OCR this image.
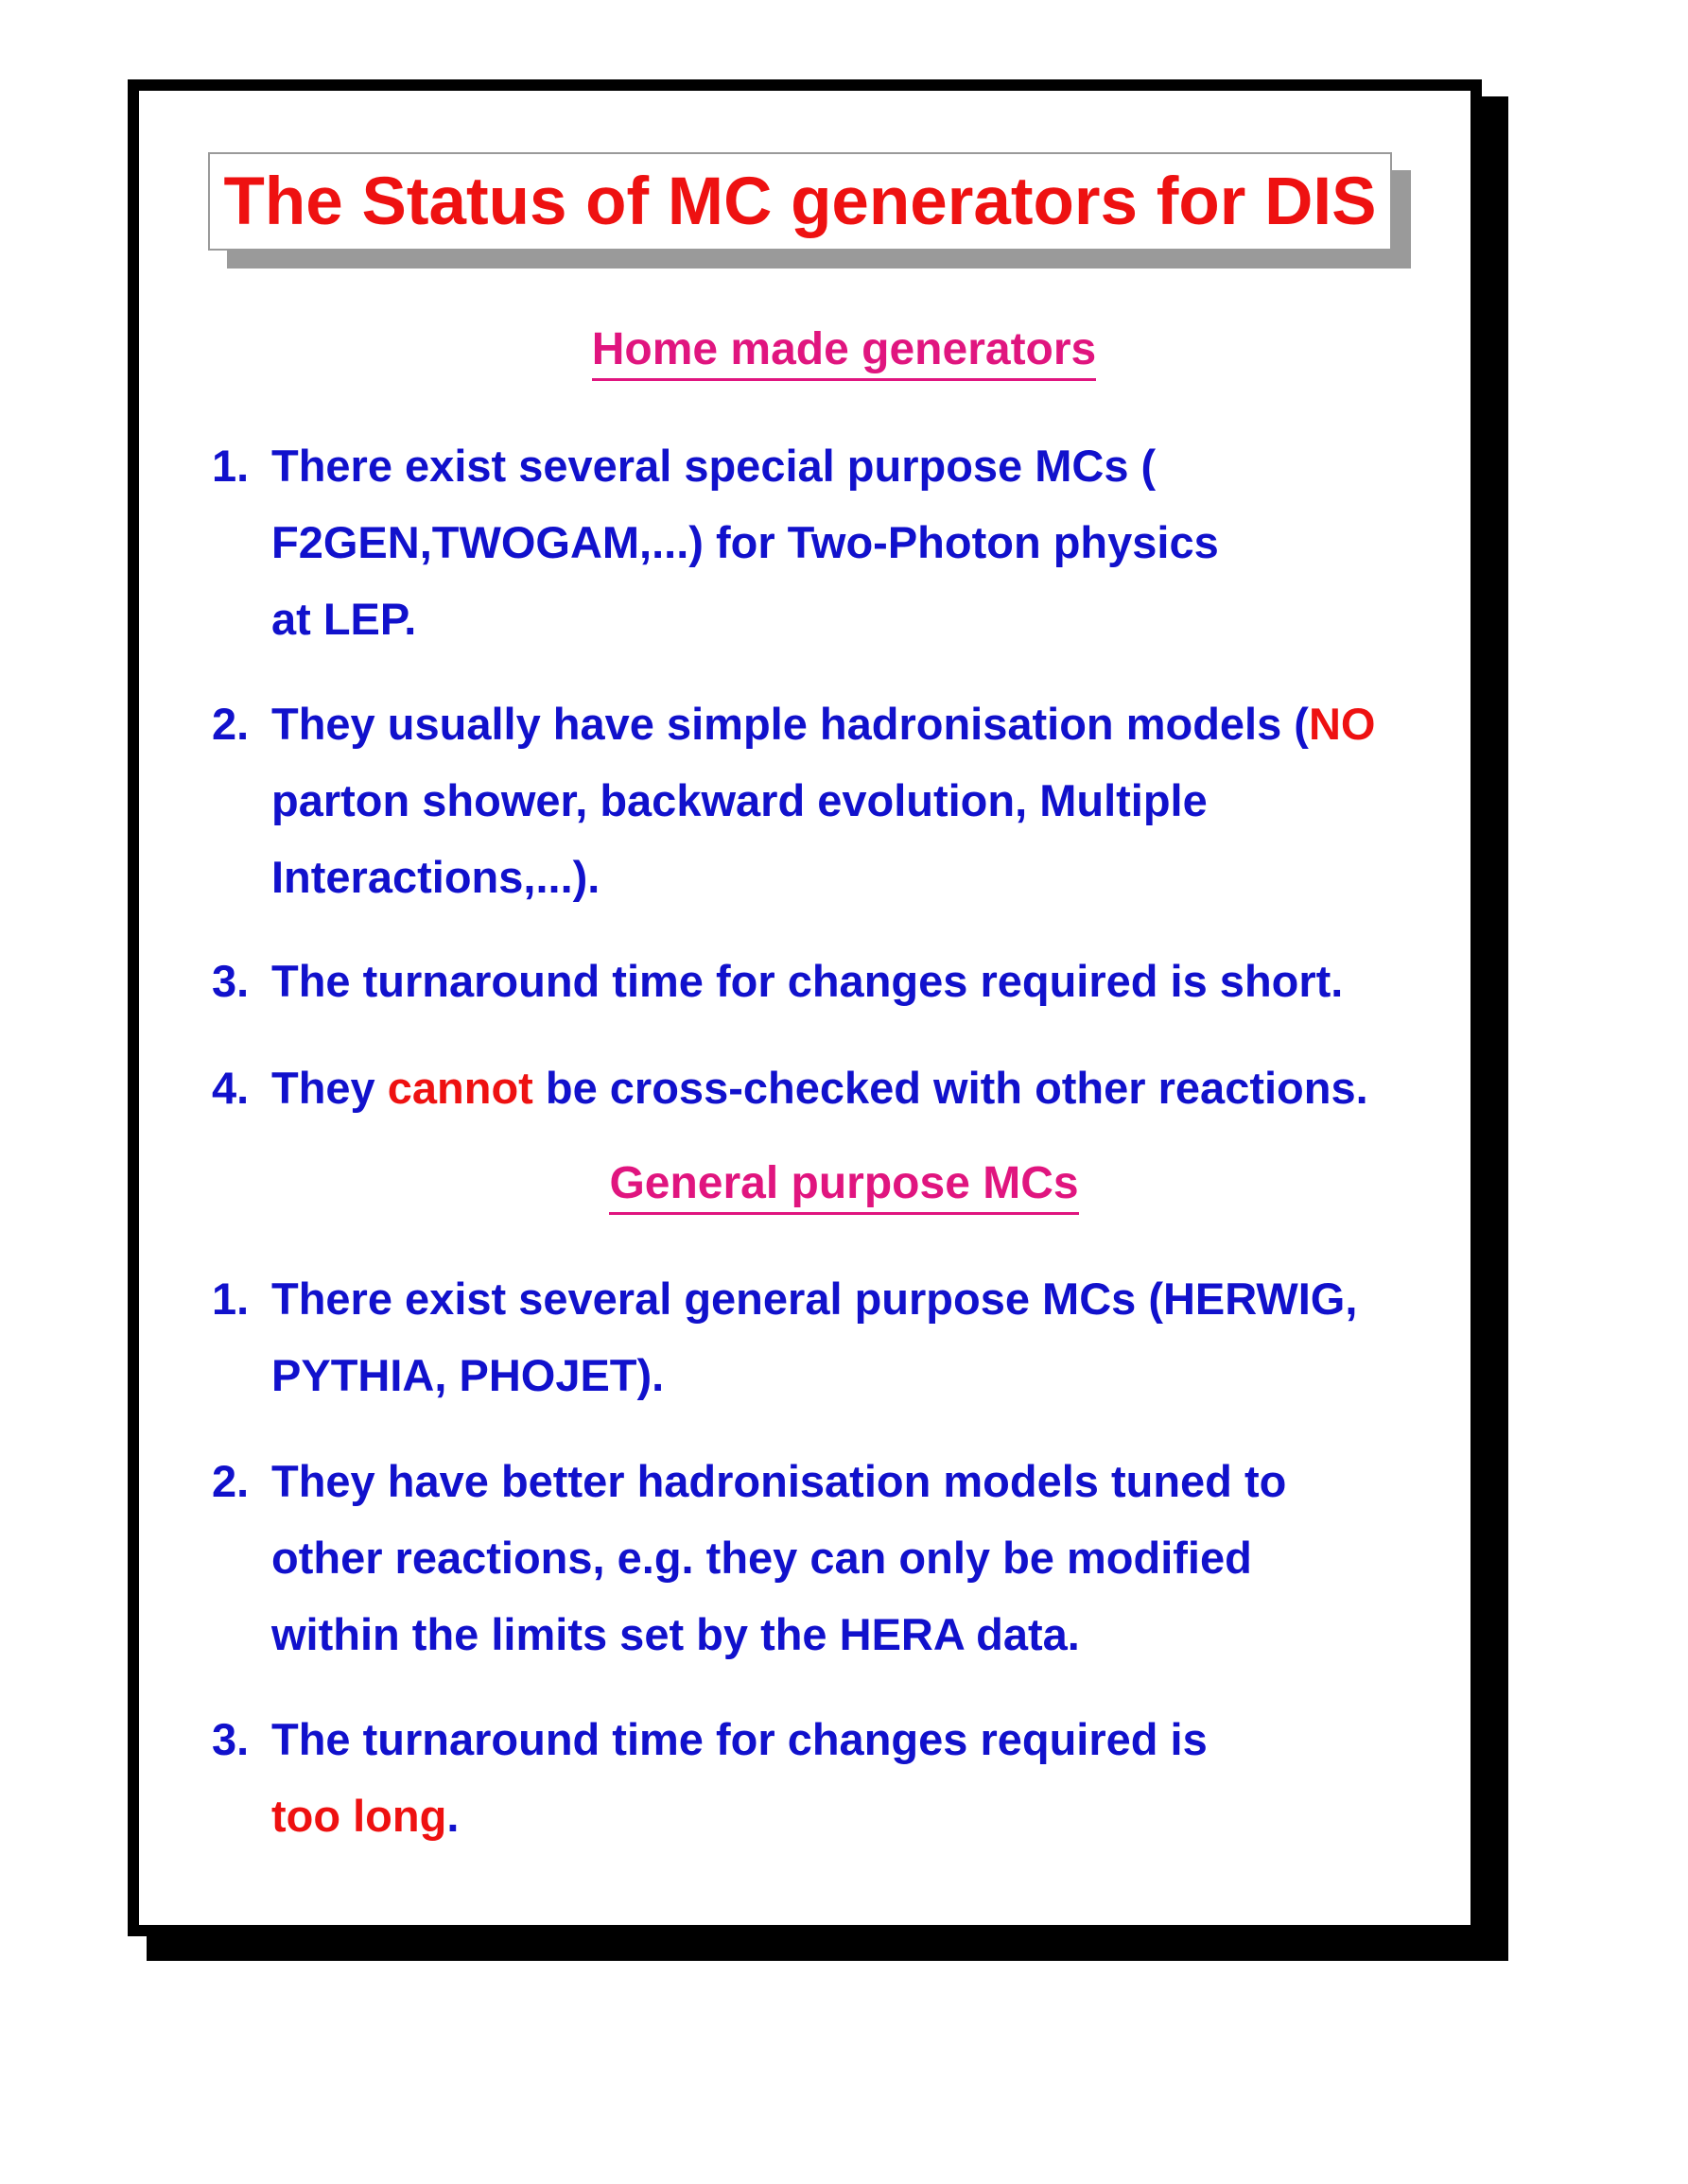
The Status of MC generators for DIS
Home made generators
1. There exist several special purpose MCs ( F2GEN,TWOGAM,...) for Two-Photon physics at LEP.
2. They usually have simple hadronisation models (NO parton shower, backward evolution, Multiple Interactions,...).
3. The turnaround time for changes required is short.
4. They cannot be cross-checked with other reactions.
General purpose MCs
1. There exist several general purpose MCs (HERWIG, PYTHIA, PHOJET).
2. They have better hadronisation models tuned to other reactions, e.g. they can only be modified within the limits set by the HERA data.
3. The turnaround time for changes required is too long.
